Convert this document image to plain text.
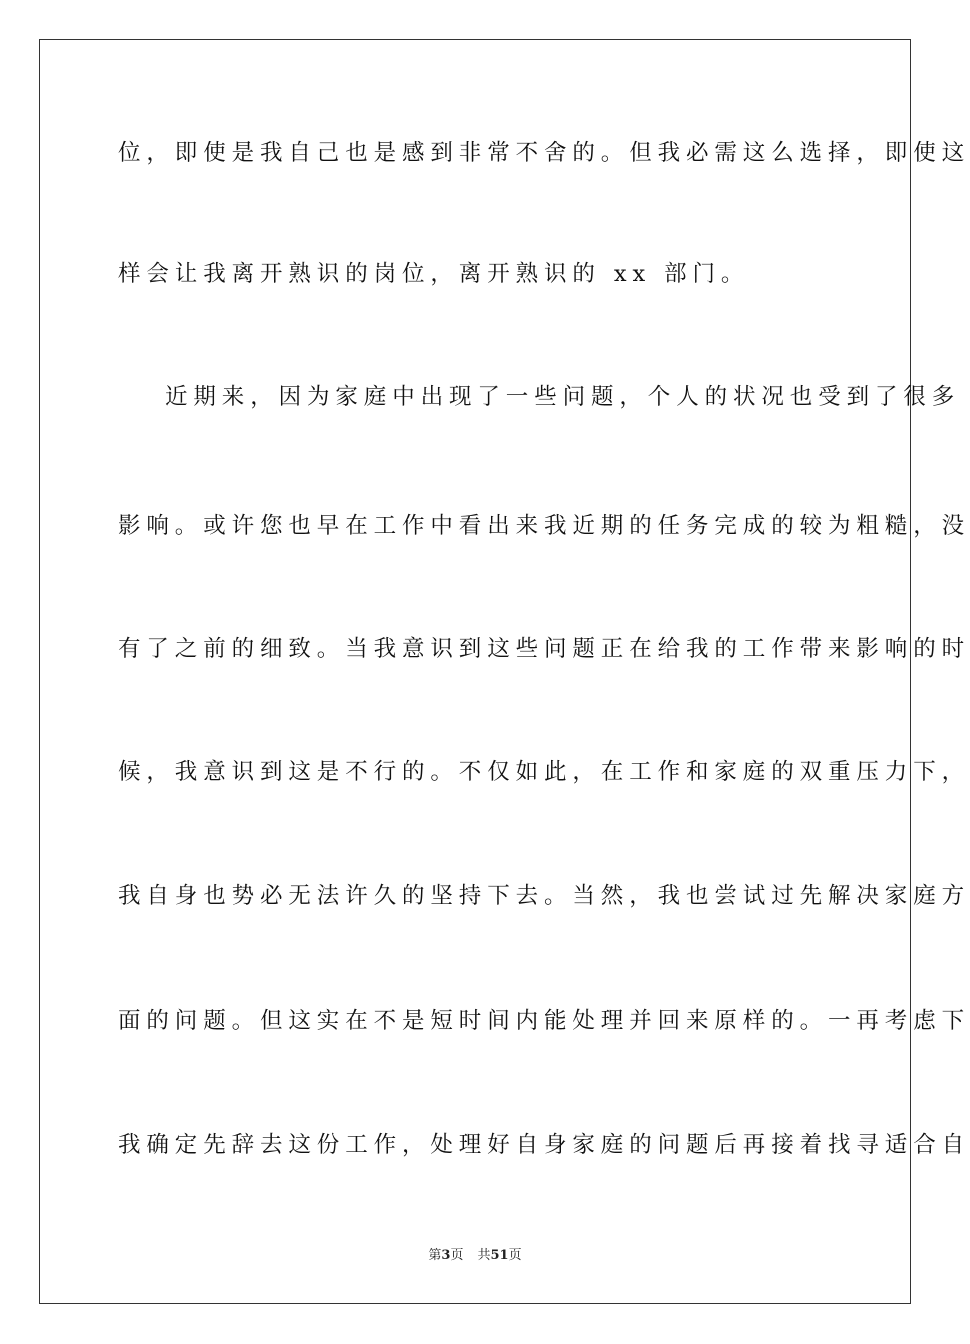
位，即使是我自己也是感到非常不舍的。但我必需这么选择，即使这
样会让我离开熟识的岗位，离开熟识的 xx 部门。
近期来，因为家庭中出现了一些问题，个人的状况也受到了很多
影响。或许您也早在工作中看出来我近期的任务完成的较为粗糙，没
有了之前的细致。当我意识到这些问题正在给我的工作带来影响的时
候，我意识到这是不行的。不仅如此，在工作和家庭的双重压力下，
我自身也势必无法许久的坚持下去。当然，我也尝试过先解决家庭方
面的问题。但这实在不是短时间内能处理并回来原样的。一再考虑下
我确定先辞去这份工作，处理好自身家庭的问题后再接着找寻适合自
第3页 共51页
